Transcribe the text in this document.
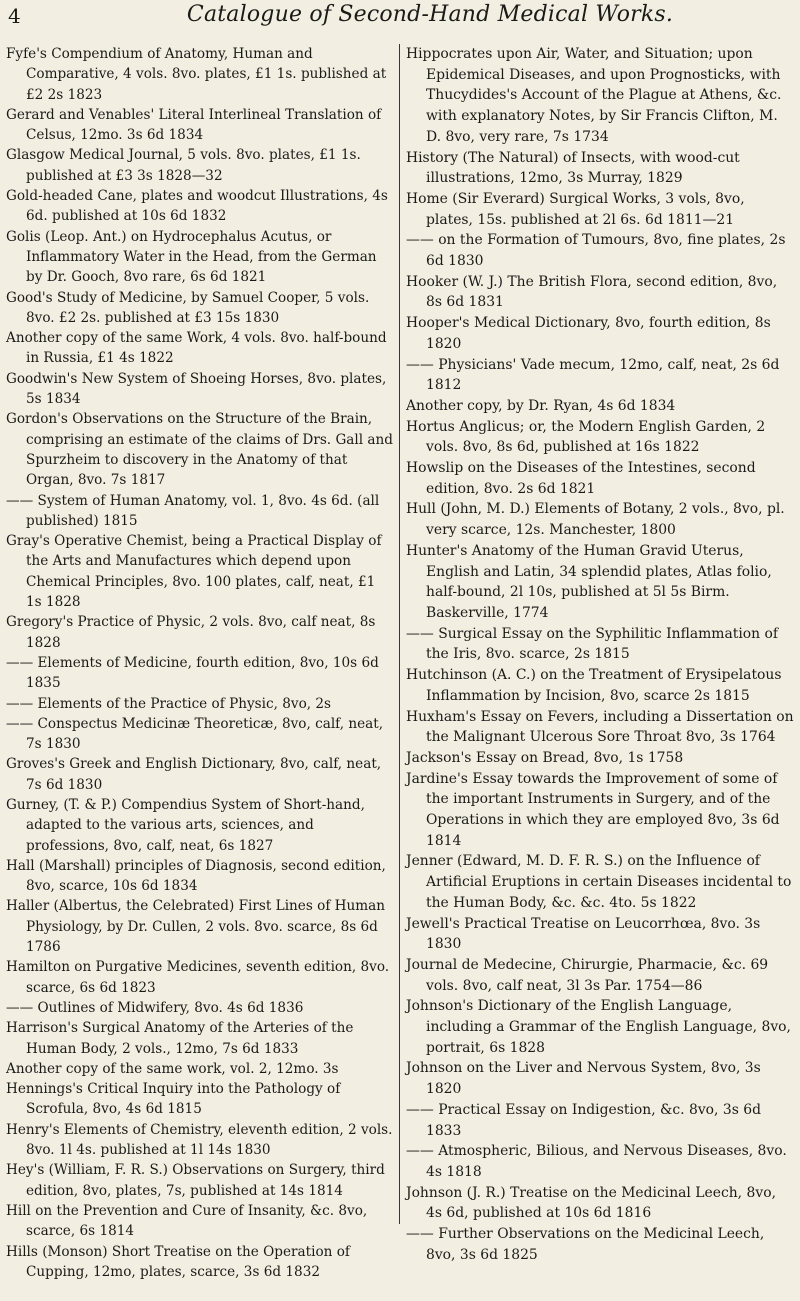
4	Catalogue of Second-Hand Medical Works.

Fyfe's Compendium of Anatomy, Human and Comparative, 4 vols. 8vo. plates, £1 1s. published at £2 2s 1823

Gerard and Venables' Literal Interlineal Translation of Celsus, 12mo. 3s 6d 1834

Glasgow Medical Journal, 5 vols. 8vo. plates, £1 1s. published at £3 3s 1828—32

Gold-headed Cane, plates and woodcut Illustrations, 4s 6d. published at 10s 6d 1832

Golis (Leop. Ant.) on Hydrocephalus Acutus, or Inflammatory Water in the Head, from the German by Dr. Gooch, 8vo rare, 6s 6d 1821

Good's Study of Medicine, by Samuel Cooper, 5 vols. 8vo. £2 2s. published at £3 15s 1830

Another copy of the same Work, 4 vols. 8vo. half-bound in Russia, £1 4s 1822

Goodwin's New System of Shoeing Horses, 8vo. plates, 5s 1834

Gordon's Observations on the Structure of the Brain, comprising an estimate of the claims of Drs. Gall and Spurzheim to discovery in the Anatomy of that Organ, 8vo. 7s 1817

—— System of Human Anatomy, vol. 1, 8vo. 4s 6d. (all published) 1815

Gray's Operative Chemist, being a Practical Display of the Arts and Manufactures which depend upon Chemical Principles, 8vo. 100 plates, calf, neat, £1 1s 1828

Gregory's Practice of Physic, 2 vols. 8vo, calf neat, 8s 1828

—— Elements of Medicine, fourth edition, 8vo, 10s 6d 1835

—— Elements of the Practice of Physic, 8vo, 2s

—— Conspectus Medicinæ Theoreticæ, 8vo, calf, neat, 7s 1830

Groves's Greek and English Dictionary, 8vo, calf, neat, 7s 6d 1830

Gurney, (T. & P.) Compendius System of Short-hand, adapted to the various arts, sciences, and professions, 8vo, calf, neat, 6s 1827

Hall (Marshall) principles of Diagnosis, second edition, 8vo, scarce, 10s 6d 1834

Haller (Albertus, the Celebrated) First Lines of Human Physiology, by Dr. Cullen, 2 vols. 8vo. scarce, 8s 6d 1786

Hamilton on Purgative Medicines, seventh edition, 8vo. scarce, 6s 6d 1823

—— Outlines of Midwifery, 8vo. 4s 6d 1836

Harrison's Surgical Anatomy of the Arteries of the Human Body, 2 vols., 12mo, 7s 6d 1833

Another copy of the same work, vol. 2, 12mo. 3s

Hennings's Critical Inquiry into the Pathology of Scrofula, 8vo, 4s 6d 1815

Henry's Elements of Chemistry, eleventh edition, 2 vols. 8vo. 1l 4s. published at 1l 14s 1830

Hey's (William, F. R. S.) Observations on Surgery, third edition, 8vo, plates, 7s, published at 14s 1814

Hill on the Prevention and Cure of Insanity, &c. 8vo, scarce, 6s 1814

Hills (Monson) Short Treatise on the Operation of Cupping, 12mo, plates, scarce, 3s 6d 1832

Hippocrates upon Air, Water, and Situation; upon Epidemical Diseases, and upon Prognosticks, with Thucydides's Account of the Plague at Athens, &c. with explanatory Notes, by Sir Francis Clifton, M. D. 8vo, very rare, 7s 1734

History (The Natural) of Insects, with wood-cut illustrations, 12mo, 3s Murray, 1829

Home (Sir Everard) Surgical Works, 3 vols, 8vo, plates, 15s. published at 2l 6s. 6d 1811—21

—— on the Formation of Tumours, 8vo, fine plates, 2s 6d 1830

Hooker (W. J.) The British Flora, second edition, 8vo, 8s 6d 1831

Hooper's Medical Dictionary, 8vo, fourth edition, 8s 1820

—— Physicians' Vade mecum, 12mo, calf, neat, 2s 6d 1812

Another copy, by Dr. Ryan, 4s 6d 1834

Hortus Anglicus; or, the Modern English Garden, 2 vols. 8vo, 8s 6d, published at 16s 1822

Howslip on the Diseases of the Intestines, second edition, 8vo. 2s 6d 1821

Hull (John, M. D.) Elements of Botany, 2 vols., 8vo, pl. very scarce, 12s. Manchester, 1800

Hunter's Anatomy of the Human Gravid Uterus, English and Latin, 34 splendid plates, Atlas folio, half-bound, 2l 10s, published at 5l 5s Birm. Baskerville, 1774

—— Surgical Essay on the Syphilitic Inflammation of the Iris, 8vo. scarce, 2s 1815

Hutchinson (A. C.) on the Treatment of Erysipelatous Inflammation by Incision, 8vo, scarce 2s 1815

Huxham's Essay on Fevers, including a Dissertation on the Malignant Ulcerous Sore Throat 8vo, 3s 1764

Jackson's Essay on Bread, 8vo, 1s 1758

Jardine's Essay towards the Improvement of some of the important Instruments in Surgery, and of the Operations in which they are employed 8vo, 3s 6d 1814

Jenner (Edward, M. D. F. R. S.) on the Influence of Artificial Eruptions in certain Diseases incidental to the Human Body, &c. &c. 4to. 5s 1822

Jewell's Practical Treatise on Leucorrhœa, 8vo. 3s 1830

Journal de Medecine, Chirurgie, Pharmacie, &c. 69 vols. 8vo, calf neat, 3l 3s Par. 1754—86

Johnson's Dictionary of the English Language, including a Grammar of the English Language, 8vo, portrait, 6s 1828

Johnson on the Liver and Nervous System, 8vo, 3s 1820

—— Practical Essay on Indigestion, &c. 8vo, 3s 6d 1833

—— Atmospheric, Bilious, and Nervous Diseases, 8vo. 4s 1818

Johnson (J. R.) Treatise on the Medicinal Leech, 8vo, 4s 6d, published at 10s 6d 1816

—— Further Observations on the Medicinal Leech, 8vo, 3s 6d 1825
